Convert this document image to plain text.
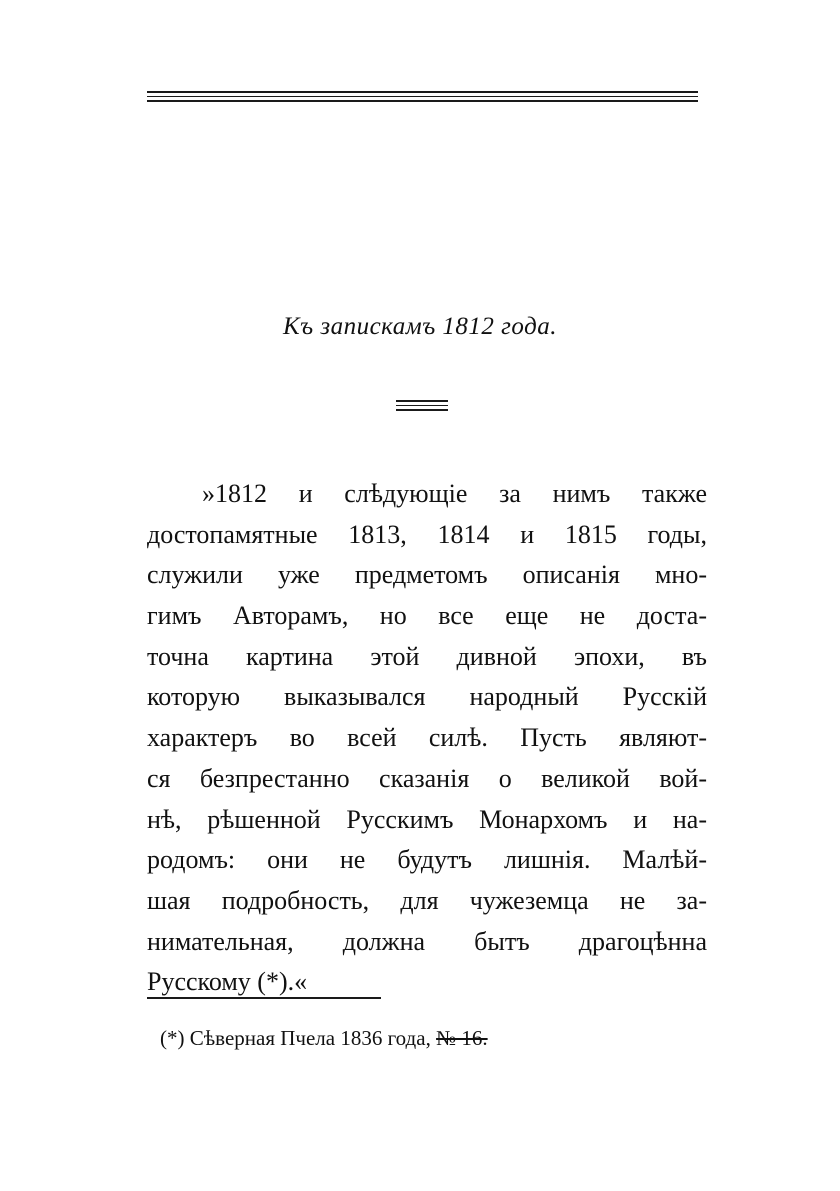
Къ запискамъ 1812 года.
»1812 и слѣдующіе за нимъ также
достопамятные 1813, 1814 и 1815 годы,
служили уже предметомъ описанія мно-
гимъ Авторамъ, но все еще не доста-
точна картина этой дивной эпохи, въ
которую выказывался народный Русскій
характеръ во всей силѣ. Пусть являют-
ся безпрестанно сказанія о великой вой-
нѣ, рѣшенной Русскимъ Монархомъ и на-
родомъ: они не будутъ лишнія. Малѣй-
шая подробность, для чужеземца не за-
нимательная, должна бытъ драгоцѣнна
Русскому (*).«
(*) Сѣверная Пчела 1836 года, № 16.
